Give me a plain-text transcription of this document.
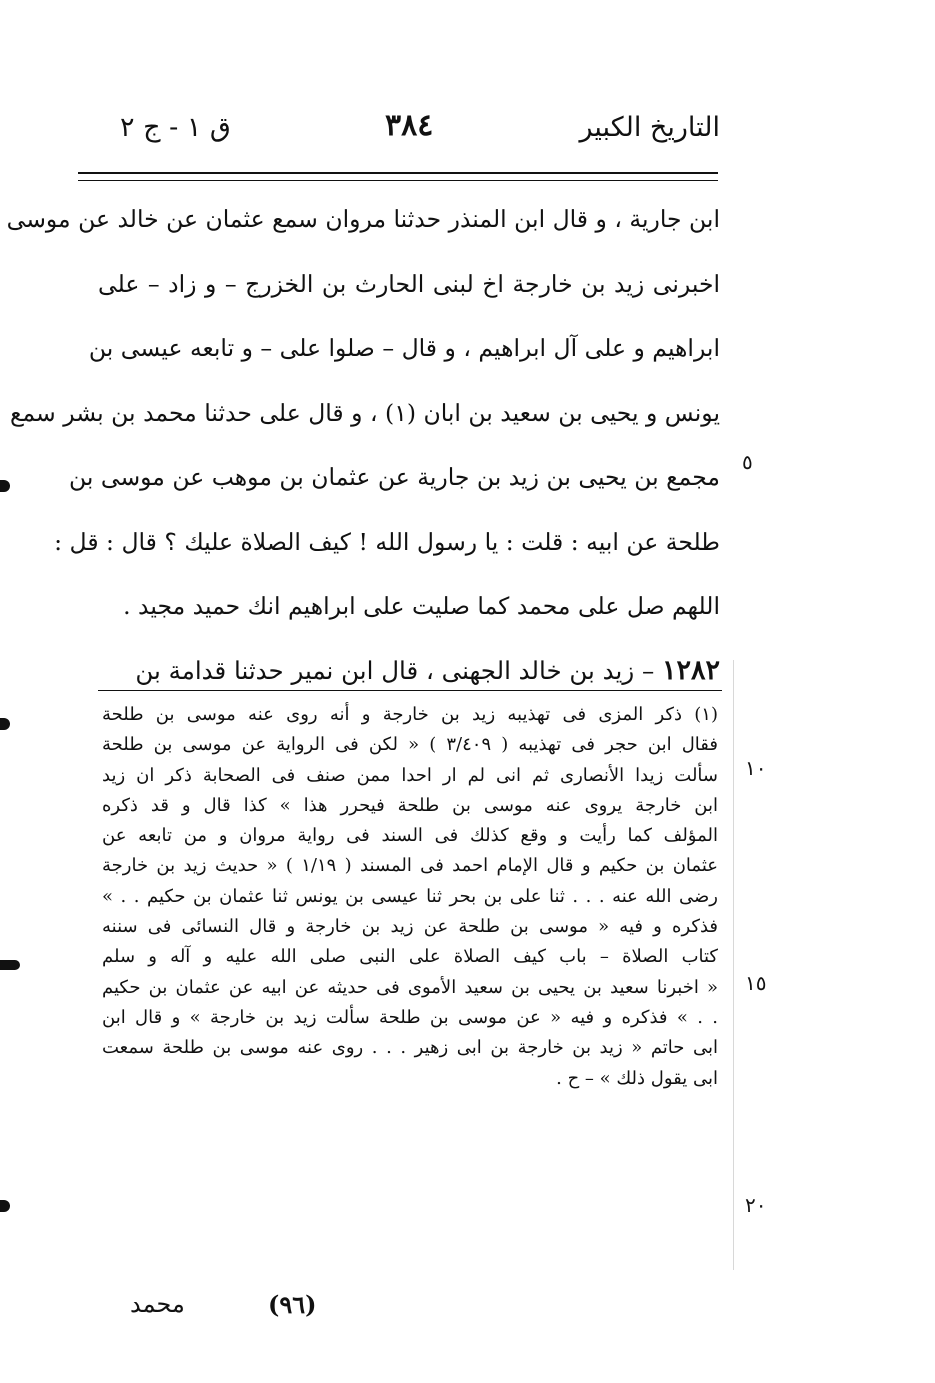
التاريخ الكبير
٣٨٤
ق ١ - ج ٢
ابن جارية ، و قال ابن المنذر حدثنا مروان سمع عثمان عن خالد عن موسى
اخبرنى زيد بن خارجة اخ لبنى الحارث بن الخزرج – و زاد – على
ابراهيم و على آل ابراهيم ، و قال – صلوا على – و تابعه عيسى بن
يونس و يحيى بن سعيد بن ابان (١) ، و قال على حدثنا محمد بن بشر سمع
مجمع بن يحيى بن زيد بن جارية عن عثمان بن موهب عن موسى بن
طلحة عن ابيه : قلت : يا رسول الله ! كيف الصلاة عليك ؟ قال : قل :
اللهم صل على محمد كما صليت على ابراهيم انك حميد مجيد .
١٢٨٢ – زيد بن خالد الجهنى ، قال ابن نمير حدثنا قدامة بن
٥
(١) ذكر المزى فى تهذيبه زيد بن خارجة و أنه روى عنه موسى بن طلحة
فقال ابن حجر فى تهذيبه ( ٣/٤٠٩ ) « لكن فى الرواية عن موسى بن طلحة
سألت زيدا الأنصارى ثم انى لم ار احدا ممن صنف فى الصحابة ذكر ان زيد
ابن خارجة يروى عنه موسى بن طلحة فيحرر هذا » كذا قال و قد ذكره
المؤلف كما رأيت و وقع كذلك فى السند فى رواية مروان و من تابعه عن
عثمان بن حكيم و قال الإمام احمد فى المسند ( ١/١٩ ) « حديث زيد بن خارجة
رضى الله عنه . . . ثنا على بن بحر ثنا عيسى بن يونس ثنا عثمان بن حكيم . . »
فذكره و فيه « موسى بن طلحة عن زيد بن خارجة و قال النسائى فى سننه
كتاب الصلاة – باب كيف الصلاة على النبى صلى الله عليه و آله و سلم
« اخبرنا سعيد بن يحيى بن سعيد الأموى فى حديثه عن ابيه عن عثمان بن حكيم
. . » فذكره و فيه « عن موسى بن طلحة سألت زيد بن خارجة » و قال ابن
ابى حاتم « زيد بن خارجة بن ابى زهير . . . روى عنه موسى بن طلحة سمعت
ابى يقول ذلك » – ح .
١٠
١٥
٢٠
(٩٦)
محمد
